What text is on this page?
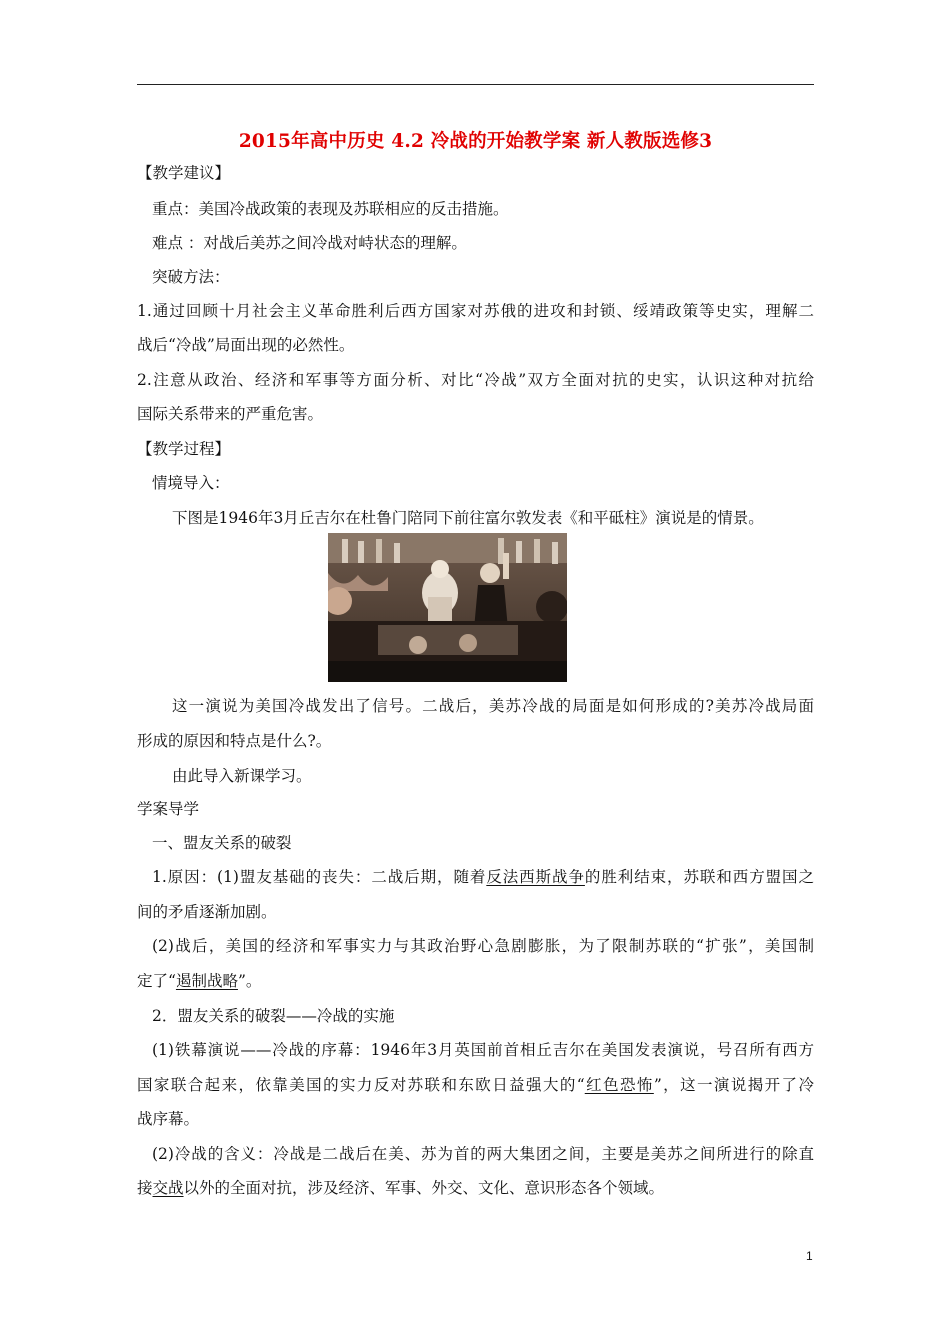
2015年高中历史 4.2 冷战的开始教学案 新人教版选修3
【教学建议】
重点：美国冷战政策的表现及苏联相应的反击措施。
难点 ：对战后美苏之间冷战对峙状态的理解。
突破方法：
1.通过回顾十月社会主义革命胜利后西方国家对苏俄的进攻和封锁、绥靖政策等史实，理解二
战后“冷战”局面出现的必然性。
2.注意从政治、经济和军事等方面分析、对比“冷战”双方全面对抗的史实，认识这种对抗给
国际关系带来的严重危害。
【教学过程】
情境导入：
下图是1946年3月丘吉尔在杜鲁门陪同下前往富尔敦发表《和平砥柱》演说是的情景。
这一演说为美国冷战发出了信号。二战后，美苏冷战的局面是如何形成的?美苏冷战局面
形成的原因和特点是什么?。
由此导入新课学习。
学案导学
一、盟友关系的破裂
1.原因：(1)盟友基础的丧失：二战后期，随着反法西斯战争的胜利结束，苏联和西方盟国之
间的矛盾逐渐加剧。
(2)战后，美国的经济和军事实力与其政治野心急剧膨胀，为了限制苏联的“扩张”，美国制
定了“遏制战略”。
2．盟友关系的破裂——冷战的实施
(1)铁幕演说——冷战的序幕：1946年3月英国前首相丘吉尔在美国发表演说，号召所有西方
国家联合起来，依靠美国的实力反对苏联和东欧日益强大的“红色恐怖”，这一演说揭开了冷
战序幕。
(2)冷战的含义：冷战是二战后在美、苏为首的两大集团之间，主要是美苏之间所进行的除直
接交战以外的全面对抗，涉及经济、军事、外交、文化、意识形态各个领域。
1
